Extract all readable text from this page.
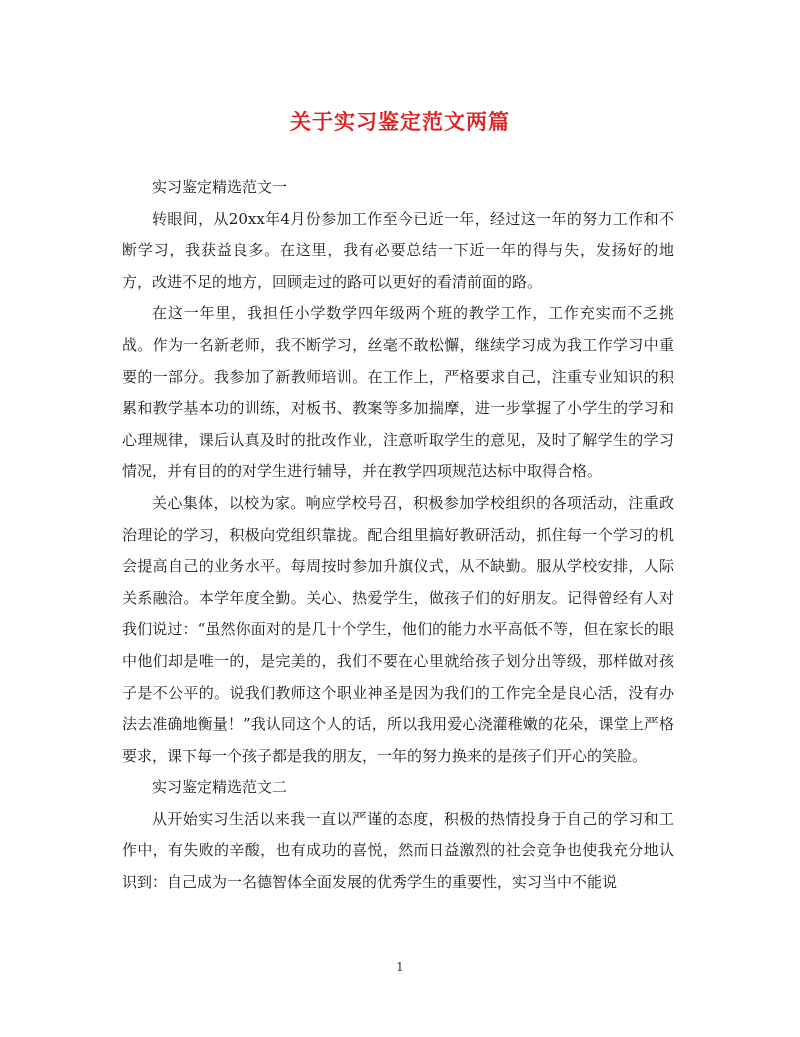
关于实习鉴定范文两篇

实习鉴定精选范文一

转眼间，从20xx年4月份参加工作至今已近一年，经过这一年的努力工作和不断学习，我获益良多。在这里，我有必要总结一下近一年的得与失，发扬好的地方，改进不足的地方，回顾走过的路可以更好的看清前面的路。

在这一年里，我担任小学数学四年级两个班的教学工作，工作充实而不乏挑战。作为一名新老师，我不断学习，丝毫不敢松懈，继续学习成为我工作学习中重要的一部分。我参加了新教师培训。在工作上，严格要求自己，注重专业知识的积累和教学基本功的训练，对板书、教案等多加揣摩，进一步掌握了小学生的学习和心理规律，课后认真及时的批改作业，注意听取学生的意见，及时了解学生的学习情况，并有目的的对学生进行辅导，并在教学四项规范达标中取得合格。

关心集体，以校为家。响应学校号召，积极参加学校组织的各项活动，注重政治理论的学习，积极向党组织靠拢。配合组里搞好教研活动，抓住每一个学习的机会提高自己的业务水平。每周按时参加升旗仪式，从不缺勤。服从学校安排，人际关系融洽。本学年度全勤。关心、热爱学生，做孩子们的好朋友。记得曾经有人对我们说过：“虽然你面对的是几十个学生，他们的能力水平高低不等，但在家长的眼中他们却是唯一的，是完美的，我们不要在心里就给孩子划分出等级，那样做对孩子是不公平的。说我们教师这个职业神圣是因为我们的工作完全是良心活，没有办法去准确地衡量！”我认同这个人的话，所以我用爱心浇灌稚嫩的花朵，课堂上严格要求，课下每一个孩子都是我的朋友，一年的努力换来的是孩子们开心的笑脸。

实习鉴定精选范文二

从开始实习生活以来我一直以严谨的态度，积极的热情投身于自己的学习和工作中，有失败的辛酸，也有成功的喜悦，然而日益激烈的社会竞争也使我充分地认识到：自己成为一名德智体全面发展的优秀学生的重要性，实习当中不能说

1
